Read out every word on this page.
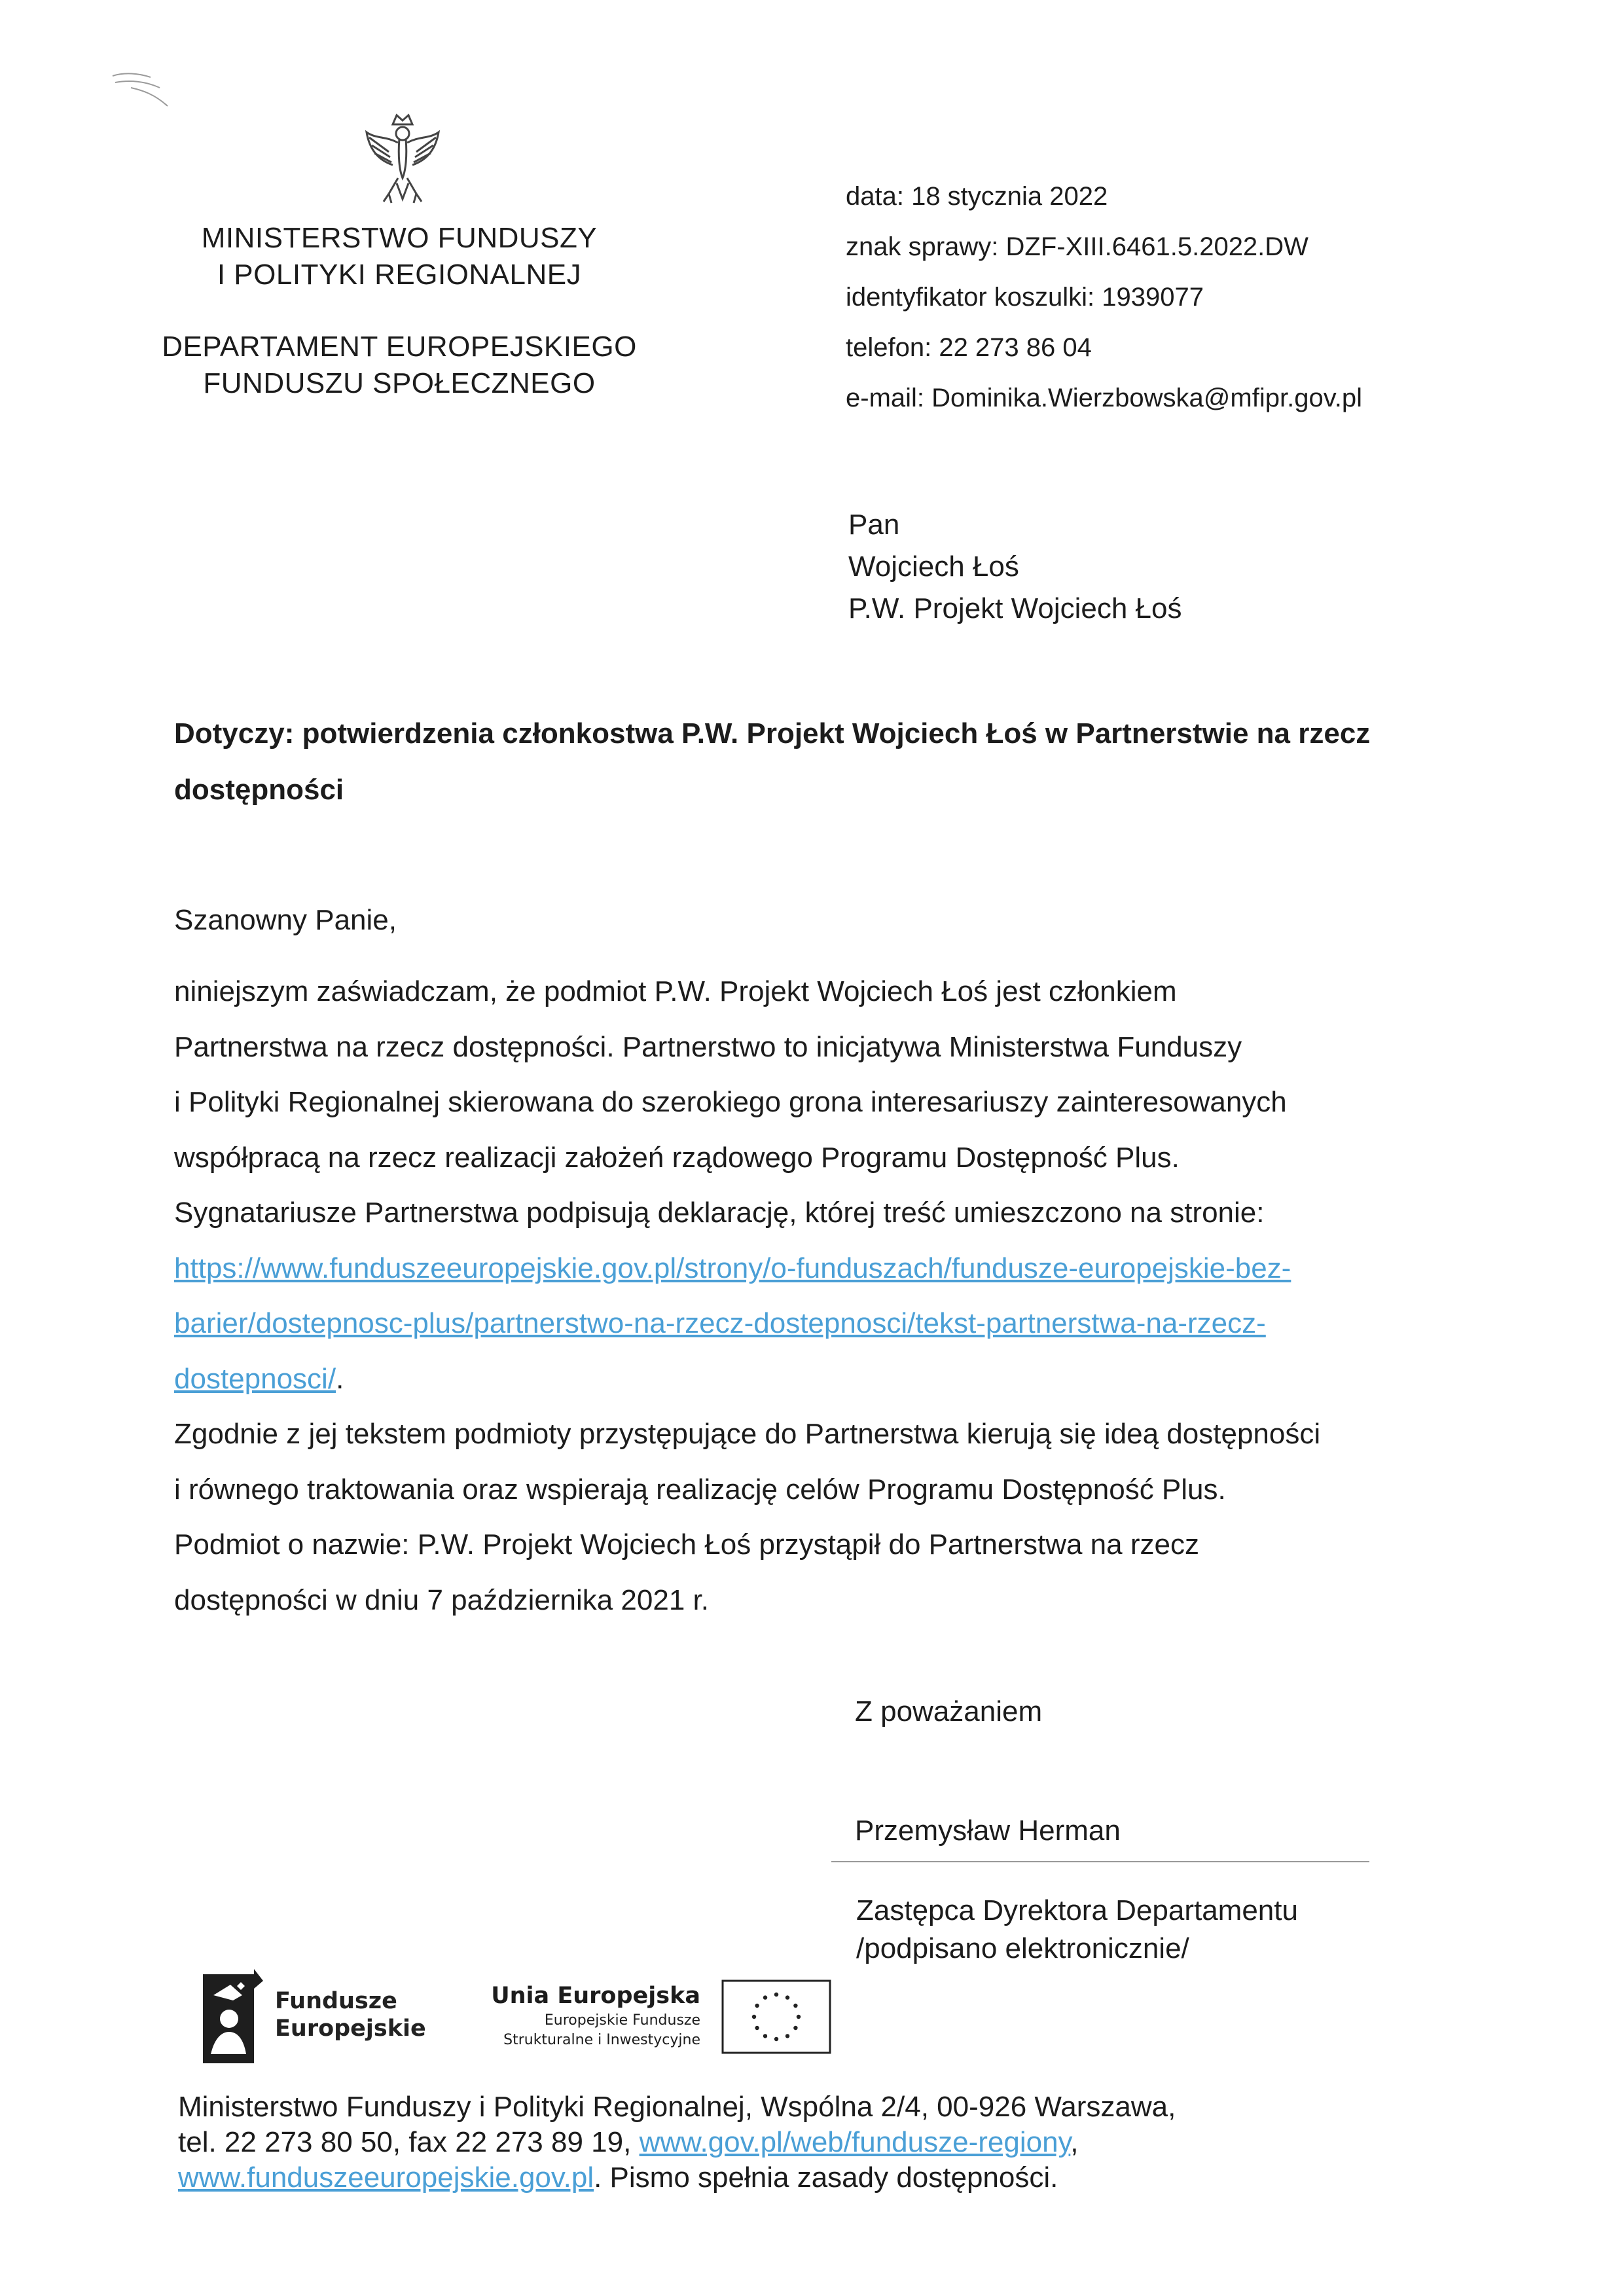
MINISTERSTWO FUNDUSZY
I POLITYKI REGIONALNEJ
DEPARTAMENT EUROPEJSKIEGO
FUNDUSZU SPOŁECZNEGO
data: 18 stycznia 2022
znak sprawy: DZF-XIII.6461.5.2022.DW
identyfikator koszulki: 1939077
telefon: 22 273 86 04
e-mail: Dominika.Wierzbowska@mfipr.gov.pl
Pan
Wojciech Łoś
P.W. Projekt Wojciech Łoś
Dotyczy: potwierdzenia członkostwa P.W. Projekt Wojciech Łoś w Partnerstwie na rzecz dostępności
Szanowny Panie,
niniejszym zaświadczam, że podmiot P.W. Projekt Wojciech Łoś jest członkiem
Partnerstwa na rzecz dostępności. Partnerstwo to inicjatywa Ministerstwa Funduszy
i Polityki Regionalnej skierowana do szerokiego grona interesariuszy zainteresowanych
współpracą na rzecz realizacji założeń rządowego Programu Dostępność Plus.
Sygnatariusze Partnerstwa podpisują deklarację, której treść umieszczono na stronie:
https://www.funduszeeuropejskie.gov.pl/strony/o-funduszach/fundusze-europejskie-bez-
barier/dostepnosc-plus/partnerstwo-na-rzecz-dostepnosci/tekst-partnerstwa-na-rzecz-
dostepnosci/.
Zgodnie z jej tekstem podmioty przystępujące do Partnerstwa kierują się ideą dostępności
i równego traktowania oraz wspierają realizację celów Programu Dostępność Plus.
Podmiot o nazwie: P.W. Projekt Wojciech Łoś przystąpił do Partnerstwa na rzecz
dostępności w dniu 7 października 2021 r.
Z poważaniem
Przemysław Herman
Zastępca Dyrektora Departamentu
/podpisano elektronicznie/
Fundusze
Europejskie
Unia Europejska
Europejskie Fundusze
Strukturalne i Inwestycyjne
Ministerstwo Funduszy i Polityki Regionalnej, Wspólna 2/4, 00-926 Warszawa,
tel. 22 273 80 50, fax 22 273 89 19, www.gov.pl/web/fundusze-regiony,
www.funduszeeuropejskie.gov.pl. Pismo spełnia zasady dostępności.
